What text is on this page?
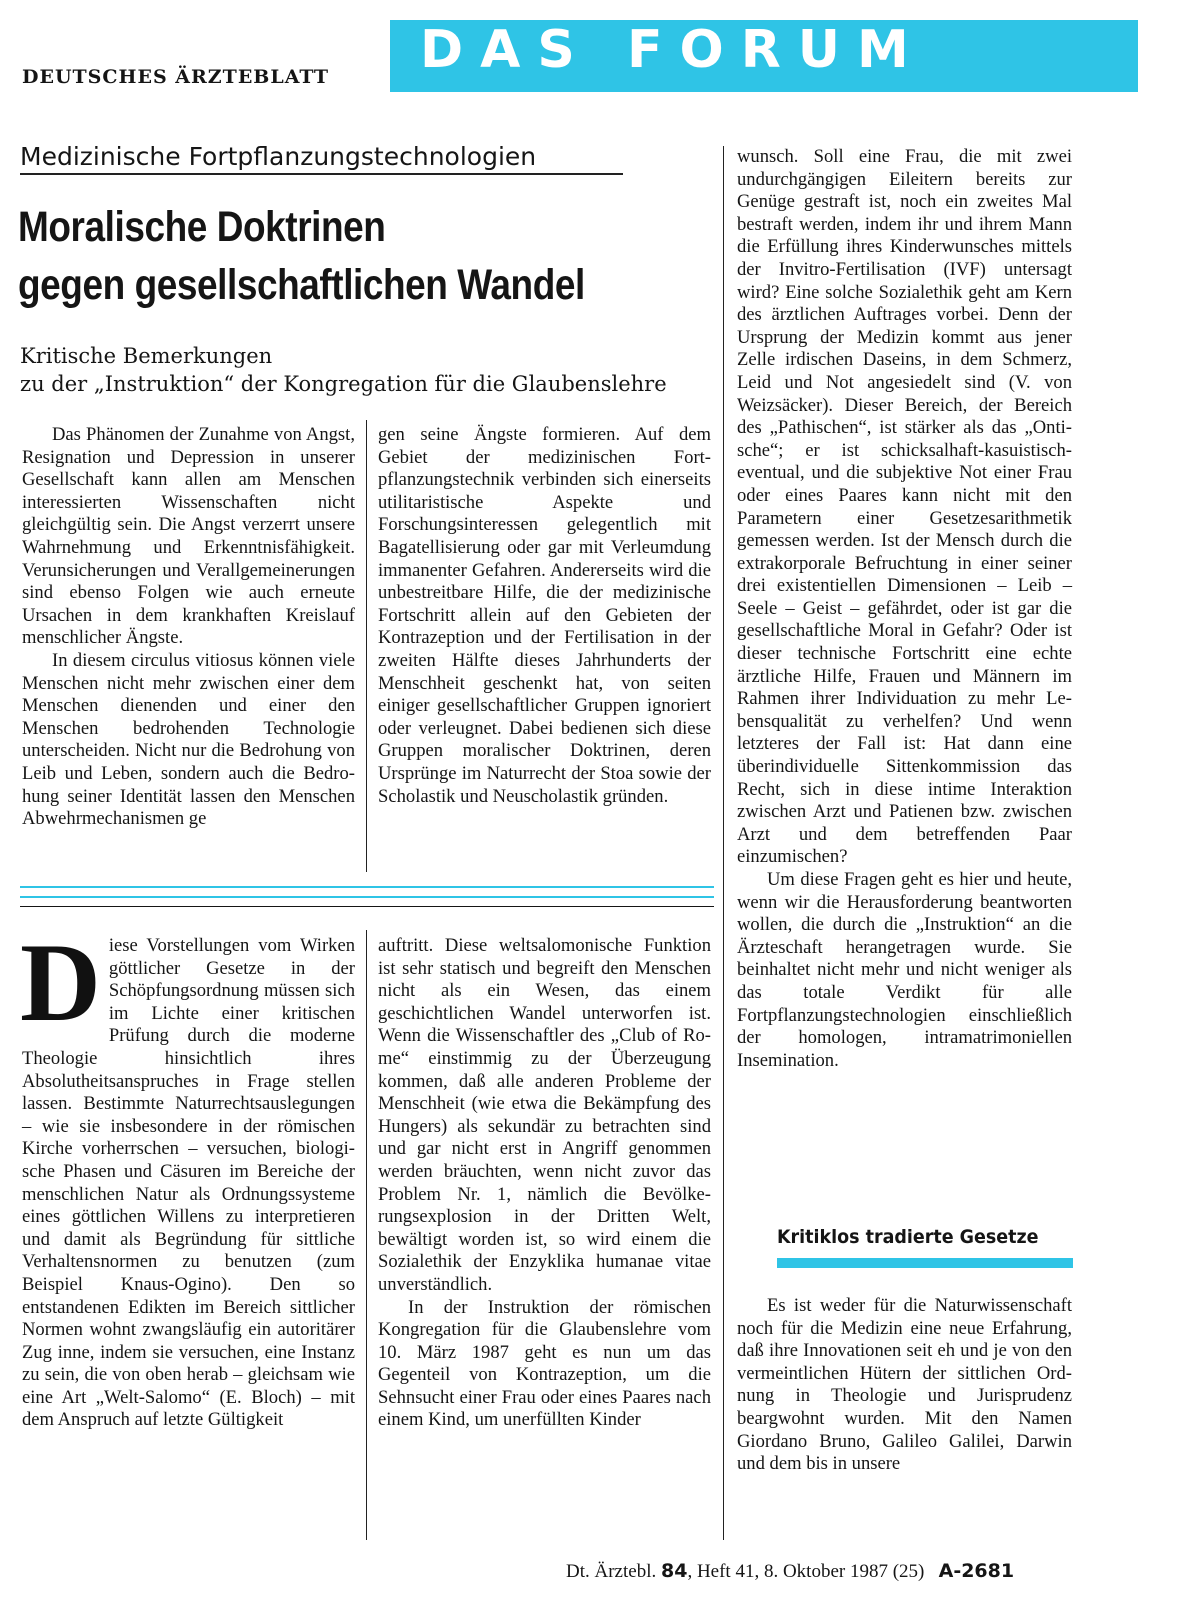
DAS FORUM
DEUTSCHES ÄRZTEBLATT
Medizinische Fortpflanzungstechnologien
Moralische Doktrinen
gegen gesellschaftlichen Wandel
Kritische Bemerkungen
zu der „Instruktion“ der Kongregation für die Glaubenslehre

Das Phänomen der Zunahme von Angst, Resignation und Depression in unserer Gesellschaft kann allen am Menschen interessierten Wissenschaften nicht gleichgültig sein. Die Angst verzerrt unsere Wahrnehmung und Erkenntnisfähigkeit. Verunsicherungen und Verallgemeinerungen sind ebenso Folgen wie auch erneute Ursachen in dem krankhaften Kreislauf menschlicher Ängste.

In diesem circulus vitiosus können viele Menschen nicht mehr zwischen einer dem Menschen dienenden und einer den Menschen bedrohenden Technologie unterscheiden. Nicht nur die Bedrohung von Leib und Leben, sondern auch die Bedrohung seiner Identität lassen den Menschen Abwehrmechanismen ge

gen seine Ängste formieren. Auf dem Gebiet der medizinischen Fortpflanzungstechnik verbinden sich einerseits utilitaristische Aspekte und Forschungsinteressen gelegentlich mit Bagatellisierung oder gar mit Verleumdung immanenter Gefahren. Andererseits wird die unbestreitbare Hilfe, die der medizinische Fortschritt allein auf den Gebieten der Kontrazeption und der Fertilisation in der zweiten Hälfte dieses Jahrhunderts der Menschheit geschenkt hat, von seiten einiger gesellschaftlicher Gruppen ignoriert oder verleugnet. Dabei bedienen sich diese Gruppen moralischer Doktrinen, deren Ursprünge im Naturrecht der Stoa sowie der Scholastik und Neuscholastik gründen.

Diese Vorstellungen vom Wirken göttlicher Gesetze in der Schöpfungsordnung müssen sich im Lichte einer kritischen Prüfung durch die moderne Theologie hinsichtlich ihres Absolutheitsanspruches in Frage stellen lassen. Bestimmte Naturrechtsauslegungen – wie sie insbesondere in der römischen Kirche vorherrschen – versuchen, biologische Phasen und Cäsuren im Bereiche der menschlichen Natur als Ordnungssysteme eines göttlichen Willens zu interpretieren und damit als Begründung für sittliche Verhaltensnormen zu benutzen (zum Beispiel Knaus-Ogino). Den so entstandenen Edikten im Bereich sittlicher Normen wohnt zwangsläufig ein autoritärer Zug inne, indem sie versuchen, eine Instanz zu sein, die von oben herab – gleichsam wie eine Art „Welt-Salomo“ (E. Bloch) – mit dem Anspruch auf letzte Gültigkeit

auftritt. Diese weltsalomonische Funktion ist sehr statisch und begreift den Menschen nicht als ein Wesen, das einem geschichtlichen Wandel unterworfen ist. Wenn die Wissenschaftler des „Club of Rome“ einstimmig zu der Überzeugung kommen, daß alle anderen Probleme der Menschheit (wie etwa die Bekämpfung des Hungers) als sekundär zu betrachten sind und gar nicht erst in Angriff genommen werden bräuchten, wenn nicht zuvor das Problem Nr. 1, nämlich die Bevölkerungsexplosion in der Dritten Welt, bewältigt worden ist, so wird einem die Sozialethik der Enzyklika humanae vitae unverständlich.

In der Instruktion der römischen Kongregation für die Glaubenslehre vom 10. März 1987 geht es nun um das Gegenteil von Kontrazeption, um die Sehnsucht einer Frau oder eines Paares nach einem Kind, um unerfüllten Kinder

wunsch. Soll eine Frau, die mit zwei undurchgängigen Eileitern bereits zur Genüge gestraft ist, noch ein zweites Mal bestraft werden, indem ihr und ihrem Mann die Erfüllung ihres Kinderwunsches mittels der Invitro-Fertilisation (IVF) untersagt wird? Eine solche Sozialethik geht am Kern des ärztlichen Auftrages vorbei. Denn der Ursprung der Medizin kommt aus jener Zelle irdischen Daseins, in dem Schmerz, Leid und Not angesiedelt sind (V. von Weizsäcker). Dieser Bereich, der Bereich des „Pathischen“, ist stärker als das „Ontische“; er ist schicksalhaft-kasuistisch-eventual, und die subjektive Not einer Frau oder eines Paares kann nicht mit den Parametern einer Gesetzesarithmetik gemessen werden. Ist der Mensch durch die extrakorporale Befruchtung in einer seiner drei existentiellen Dimensionen – Leib – Seele – Geist – gefährdet, oder ist gar die gesellschaftliche Moral in Gefahr? Oder ist dieser technische Fortschritt eine echte ärztliche Hilfe, Frauen und Männern im Rahmen ihrer Individuation zu mehr Lebensqualität zu verhelfen? Und wenn letzteres der Fall ist: Hat dann eine überindividuelle Sittenkommission das Recht, sich in diese intime Interaktion zwischen Arzt und Patienen bzw. zwischen Arzt und dem betreffenden Paar einzumischen?

Um diese Fragen geht es hier und heute, wenn wir die Herausforderung beantworten wollen, die durch die „Instruktion“ an die Ärzteschaft herangetragen wurde. Sie beinhaltet nicht mehr und nicht weniger als das totale Verdikt für alle Fortpflanzungstechnologien einschließlich der homologen, intramatrimoniellen Insemination.

Kritiklos tradierte Gesetze

Es ist weder für die Naturwissenschaft noch für die Medizin eine neue Erfahrung, daß ihre Innovationen seit eh und je von den vermeintlichen Hütern der sittlichen Ordnung in Theologie und Jurisprudenz beargwohnt wurden. Mit den Namen Giordano Bruno, Galileo Galilei, Darwin und dem bis in unsere

Dt. Ärztebl. 84, Heft 41, 8. Oktober 1987 (25) A-2681
